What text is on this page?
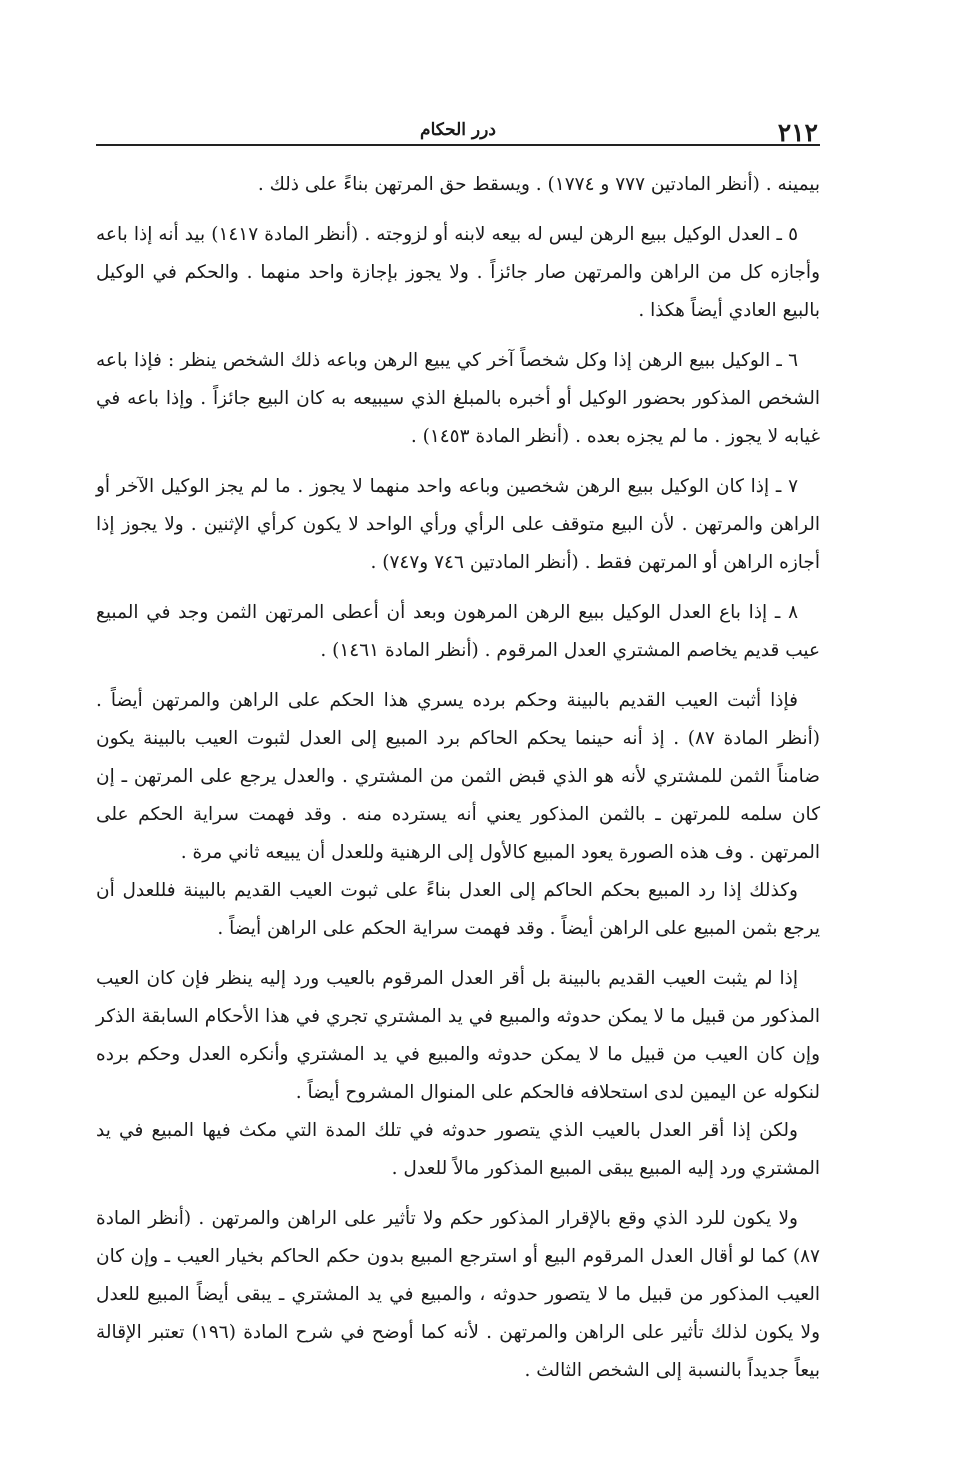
٢١٢
درر الحكام

بيمينه . (أنظر المادتين ٧٧٧ و ١٧٧٤) . ويسقط حق المرتهن بناءً على ذلك .

٥ ـ العدل الوكيل ببيع الرهن ليس له بيعه لابنه أو لزوجته . (أنظر المادة ١٤١٧) بيد أنه إذا باعه وأجازه كل من الراهن والمرتهن صار جائزاً . ولا يجوز بإجازة واحد منهما . والحكم في الوكيل بالبيع العادي أيضاً هكذا .

٦ ـ الوكيل ببيع الرهن إذا وكل شخصاً آخر كي يبيع الرهن وباعه ذلك الشخص ينظر : فإذا باعه الشخص المذكور بحضور الوكيل أو أخبره بالمبلغ الذي سيبيعه به كان البيع جائزاً . وإذا باعه في غيابه لا يجوز . ما لم يجزه بعده . (أنظر المادة ١٤٥٣) .

٧ ـ إذا كان الوكيل ببيع الرهن شخصين وباعه واحد منهما لا يجوز . ما لم يجز الوكيل الآخر أو الراهن والمرتهن . لأن البيع متوقف على الرأي ورأي الواحد لا يكون كرأي الإثنين . ولا يجوز إذا أجازه الراهن أو المرتهن فقط . (أنظر المادتين ٧٤٦ و٧٤٧) .

٨ ـ إذا باع العدل الوكيل ببيع الرهن المرهون وبعد أن أعطى المرتهن الثمن وجد في المبيع عيب قديم يخاصم المشتري العدل المرقوم . (أنظر المادة ١٤٦١) .

فإذا أثبت العيب القديم بالبينة وحكم برده يسري هذا الحكم على الراهن والمرتهن أيضاً . (أنظر المادة ٨٧) . إذ أنه حينما يحكم الحاكم برد المبيع إلى العدل لثبوت العيب بالبينة يكون ضامناً الثمن للمشتري لأنه هو الذي قبض الثمن من المشتري . والعدل يرجع على المرتهن ـ إن كان سلمه للمرتهن ـ بالثمن المذكور يعني أنه يسترده منه . وقد فهمت سراية الحكم على المرتهن . وف هذه الصورة يعود المبيع كالأول إلى الرهنية وللعدل أن يبيعه ثاني مرة .

وكذلك إذا رد المبيع بحكم الحاكم إلى العدل بناءً على ثبوت العيب القديم بالبينة فللعدل أن يرجع بثمن المبيع على الراهن أيضاً . وقد فهمت سراية الحكم على الراهن أيضاً .

إذا لم يثبت العيب القديم بالبينة بل أقر العدل المرقوم بالعيب ورد إليه ينظر فإن كان العيب المذكور من قبيل ما لا يمكن حدوثه والمبيع في يد المشتري تجري في هذا الأحكام السابقة الذكر وإن كان العيب من قبيل ما لا يمكن حدوثه والمبيع في يد المشتري وأنكره العدل وحكم برده لنكوله عن اليمين لدى استحلافه فالحكم على المنوال المشروح أيضاً .

ولكن إذا أقر العدل بالعيب الذي يتصور حدوثه في تلك المدة التي مكث فيها المبيع في يد المشتري ورد إليه المبيع يبقى المبيع المذكور مالاً للعدل .

ولا يكون للرد الذي وقع بالإقرار المذكور حكم ولا تأثير على الراهن والمرتهن . (أنظر المادة ٨٧) كما لو أقال العدل المرقوم البيع أو استرجع المبيع بدون حكم الحاكم بخيار العيب ـ وإن كان العيب المذكور من قبيل ما لا يتصور حدوثه ، والمبيع في يد المشتري ـ يبقى أيضاً المبيع للعدل ولا يكون لذلك تأثير على الراهن والمرتهن . لأنه كما أوضح في شرح المادة (١٩٦) تعتبر الإقالة بيعاً جديداً بالنسبة إلى الشخص الثالث .
